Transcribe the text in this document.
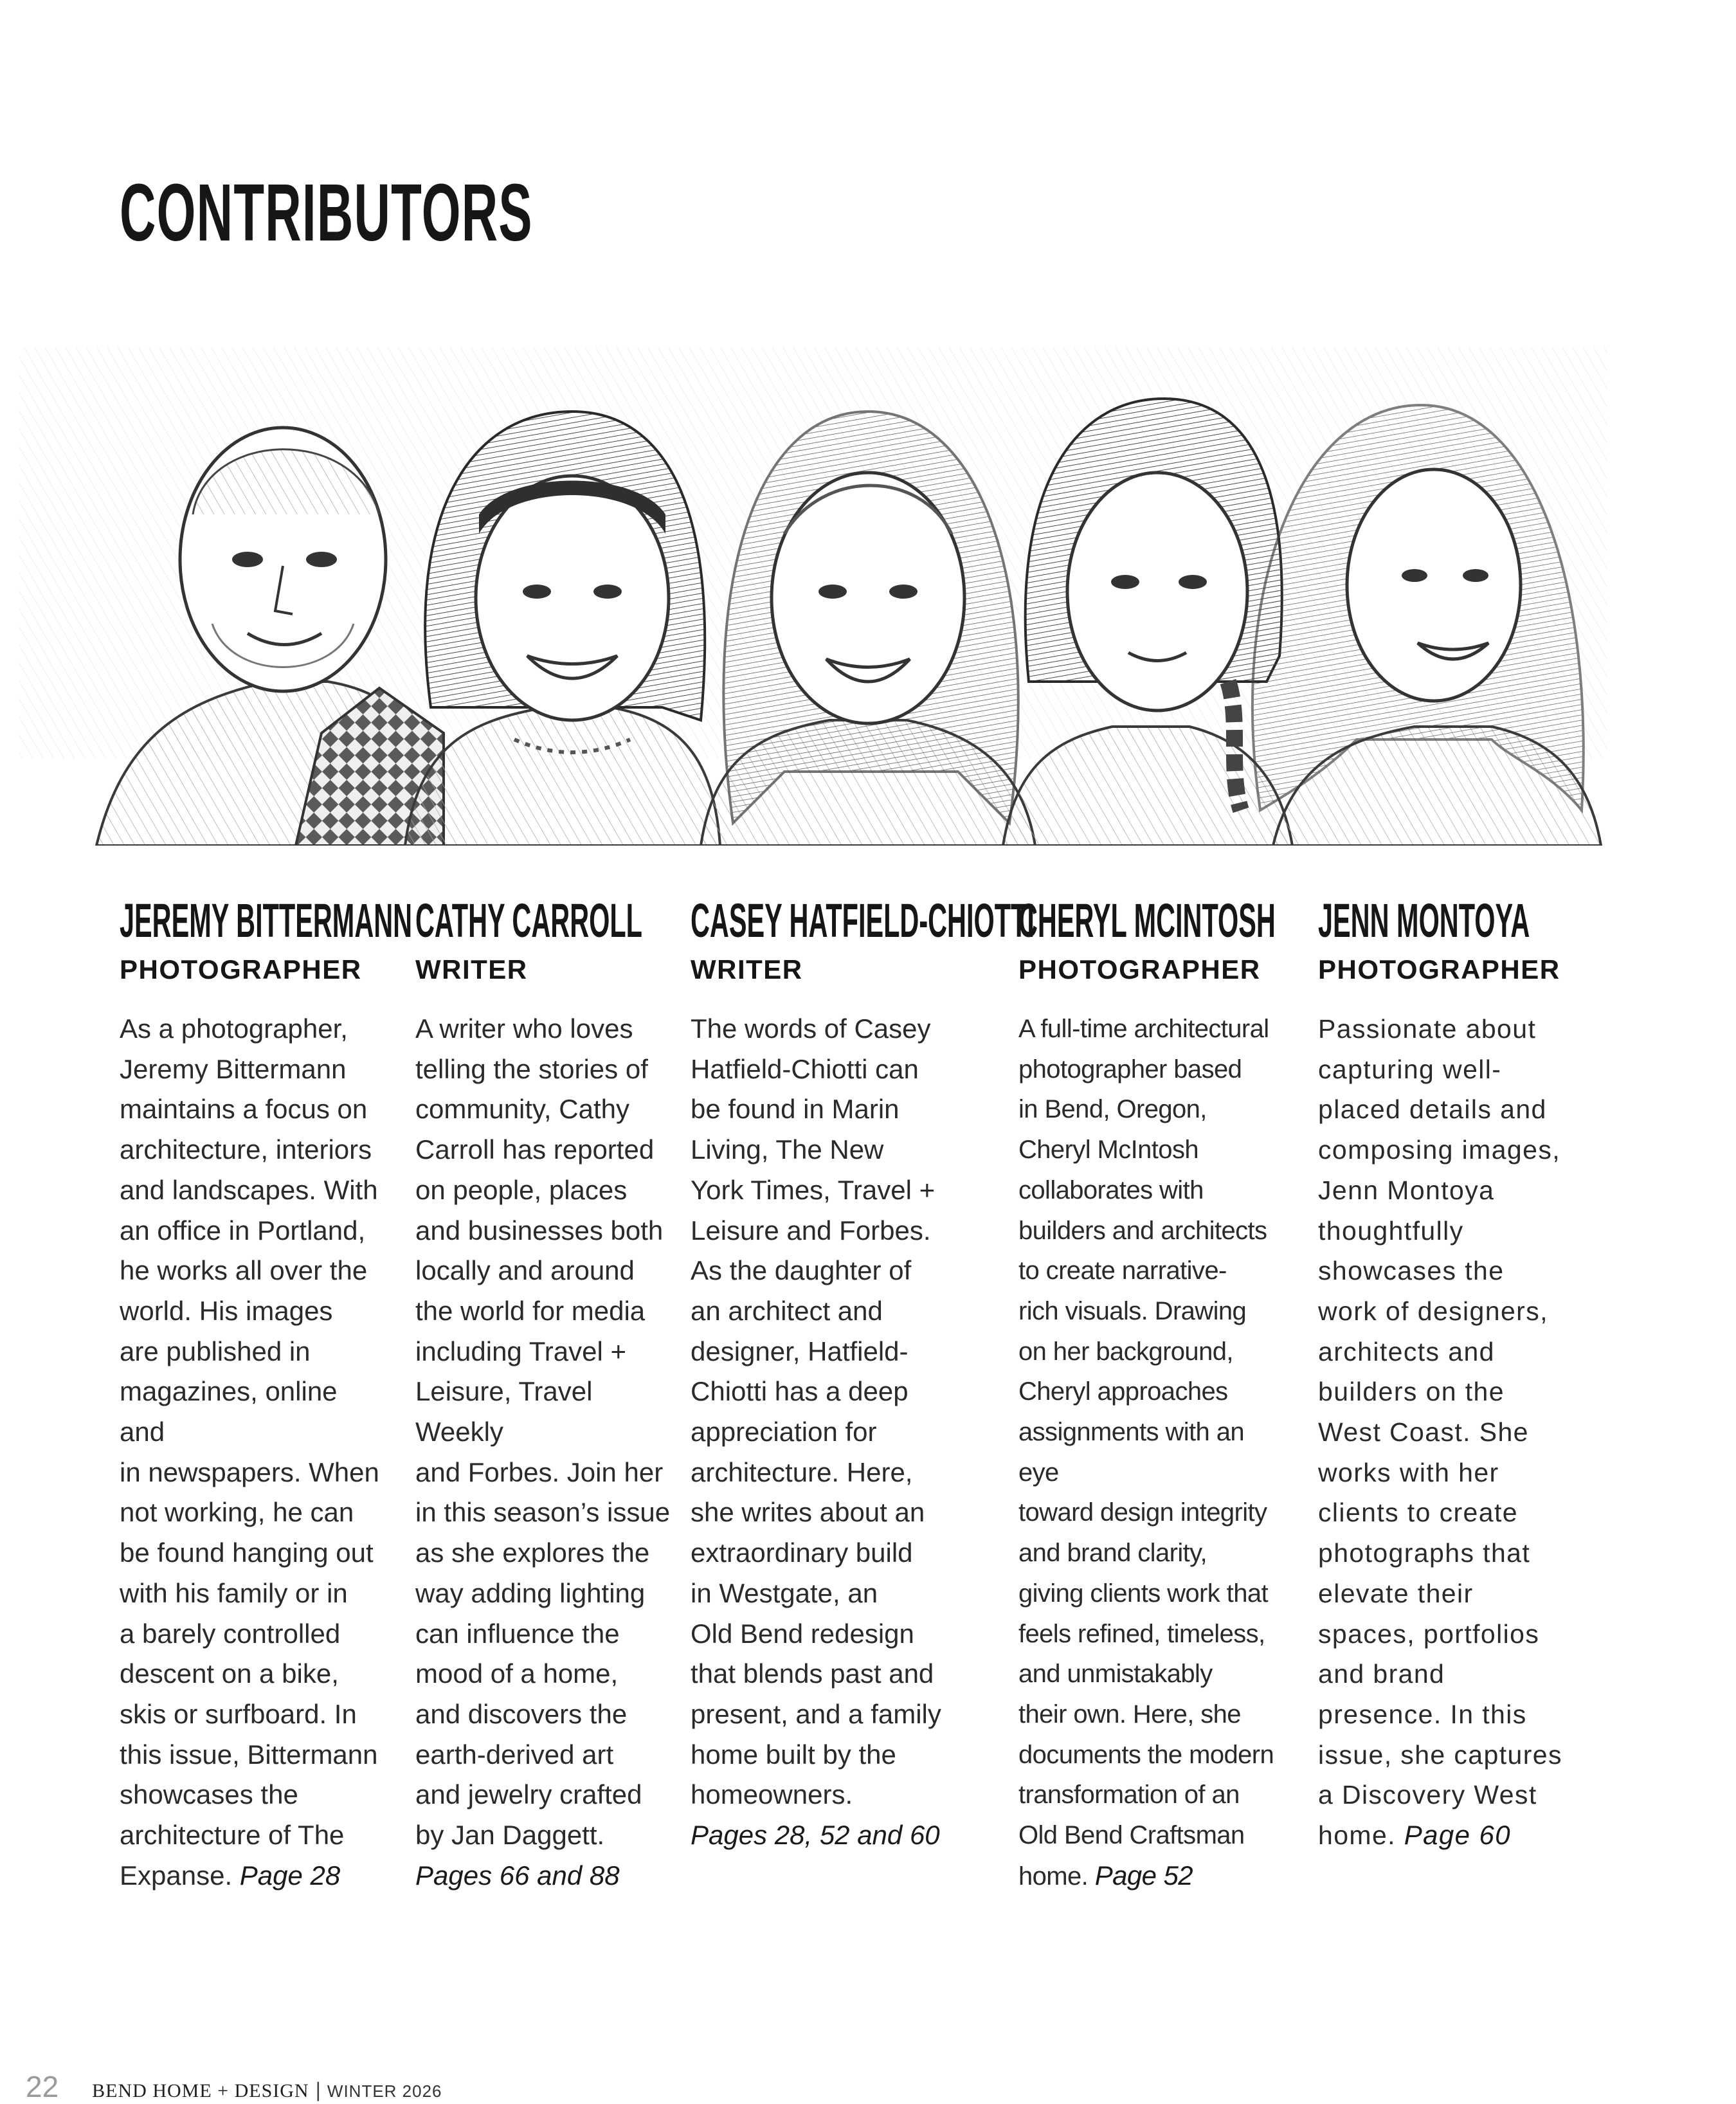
CONTRIBUTORS
JEREMY BITTERMANN
PHOTOGRAPHER
As a photographer,
Jeremy Bittermann
maintains a focus on
architecture, interiors
and landscapes. With
an office in Portland,
he works all over the
world. His images
are published in
magazines, online and
in newspapers. When
not working, he can
be found hanging out
with his family or in
a barely controlled
descent on a bike,
skis or surfboard. In
this issue, Bittermann
showcases the
architecture of The
Expanse. Page 28
CATHY CARROLL
WRITER
A writer who loves
telling the stories of
community, Cathy
Carroll has reported
on people, places
and businesses both
locally and around
the world for media
including Travel +
Leisure, Travel Weekly
and Forbes. Join her
in this season’s issue
as she explores the
way adding lighting
can influence the
mood of a home,
and discovers the
earth-derived art
and jewelry crafted
by Jan Daggett.
Pages 66 and 88
CASEY HATFIELD-CHIOTTI
WRITER
The words of Casey
Hatfield-Chiotti can
be found in Marin
Living, The New
York Times, Travel +
Leisure and Forbes.
As the daughter of
an architect and
designer, Hatfield-
Chiotti has a deep
appreciation for
architecture. Here,
she writes about an
extraordinary build
in Westgate, an
Old Bend redesign
that blends past and
present, and a family
home built by the
homeowners.
Pages 28, 52 and 60
CHERYL MCINTOSH
PHOTOGRAPHER
A full-time architectural
photographer based
in Bend, Oregon,
Cheryl McIntosh
collaborates with
builders and architects
to create narrative-
rich visuals. Drawing
on her background,
Cheryl approaches
assignments with an eye
toward design integrity
and brand clarity,
giving clients work that
feels refined, timeless,
and unmistakably
their own. Here, she
documents the modern
transformation of an
Old Bend Craftsman
home. Page 52
JENN MONTOYA
PHOTOGRAPHER
Passionate about
capturing well-
placed details and
composing images,
Jenn Montoya
thoughtfully
showcases the
work of designers,
architects and
builders on the
West Coast. She
works with her
clients to create
photographs that
elevate their
spaces, portfolios
and brand
presence. In this
issue, she captures
a Discovery West
home. Page 60
22 BEND HOME + DESIGN | WINTER 2026
